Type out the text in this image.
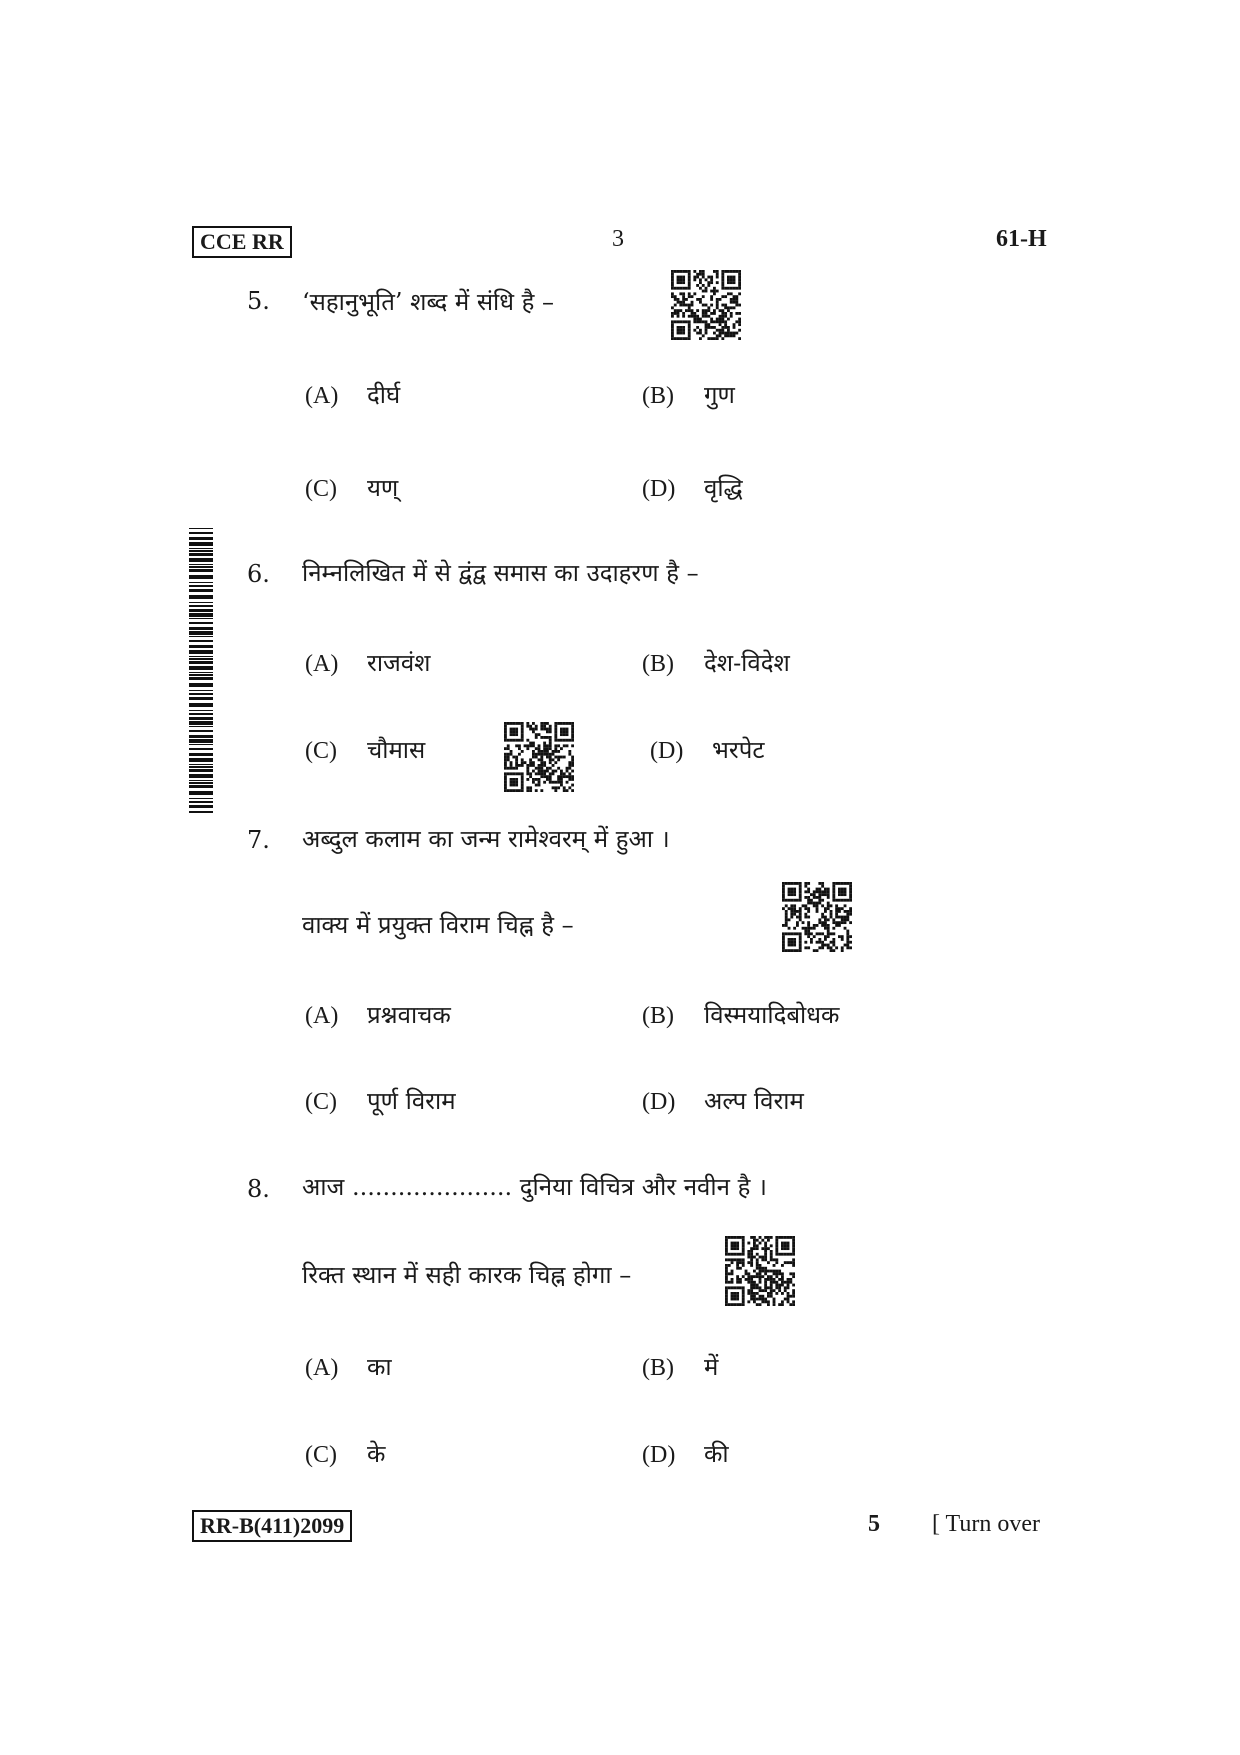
CCE RR	3	61-H
5.	‘सहानुभूति’ शब्द में संधि है –
(A) दीर्घ	(B) गुण
(C) यण्	(D) वृद्धि
6.	निम्नलिखित में से द्वंद्व समास का उदाहरण है –
(A) राजवंश	(B) देश-विदेश
(C) चौमास	(D) भरपेट
7.	अब्दुल कलाम का जन्म रामेश्वरम् में हुआ ।
वाक्य में प्रयुक्त विराम चिह्न है –
(A) प्रश्नवाचक	(B) विस्मयादिबोधक
(C) पूर्ण विराम	(D) अल्प विराम
8.	आज ..................... दुनिया विचित्र और नवीन है ।
रिक्त स्थान में सही कारक चिह्न होगा –
(A) का	(B) में
(C) के	(D) की
RR-B(411)2099	5 [ Turn over
